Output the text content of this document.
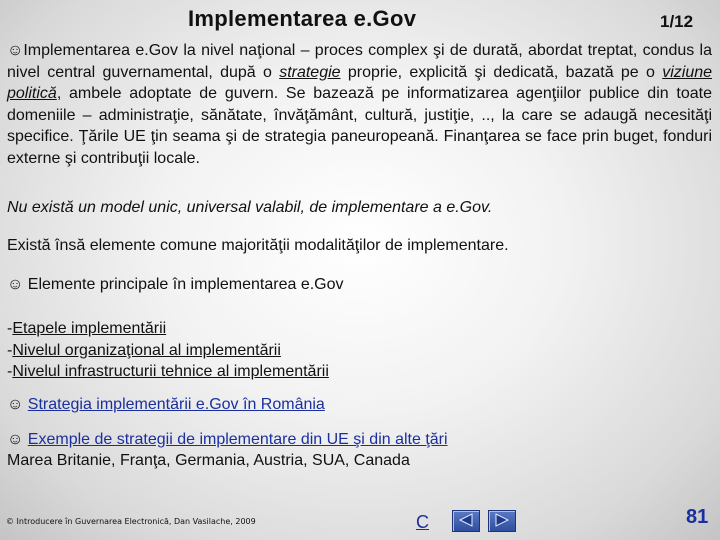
Implementarea e.Gov	1/12
☺Implementarea e.Gov la nivel naţional – proces complex şi de durată, abordat treptat, condus la nivel central guvernamental, după o strategie proprie, explicită şi dedicată, bazată pe o viziune politică, ambele adoptate de guvern. Se bazează pe informatizarea agenţiilor publice din toate domeniile – administraţie, sănătate, învăţământ, cultură, justiţie, .., la care se adaugă necesităţi specifice. Ţările UE ţin seama şi de strategia paneuropeană. Finanţarea se face prin buget, fonduri externe şi contribuţii locale.
Nu există un model unic, universal valabil, de implementare a e.Gov.
Există însă elemente comune majorităţii modalităţilor de implementare.
☺ Elemente principale în implementarea e.Gov
-Etapele implementării
-Nivelul organizaţional al implementării
-Nivelul infrastructurii tehnice al implementării
☺ Strategia implementării e.Gov în România
☺ Exemple de strategii de implementare din UE şi din alte ţări
Marea Britanie, Franţa, Germania, Austria, SUA, Canada
© Introducere în Guvernarea Electronică, Dan Vasilache, 2009	C	81
